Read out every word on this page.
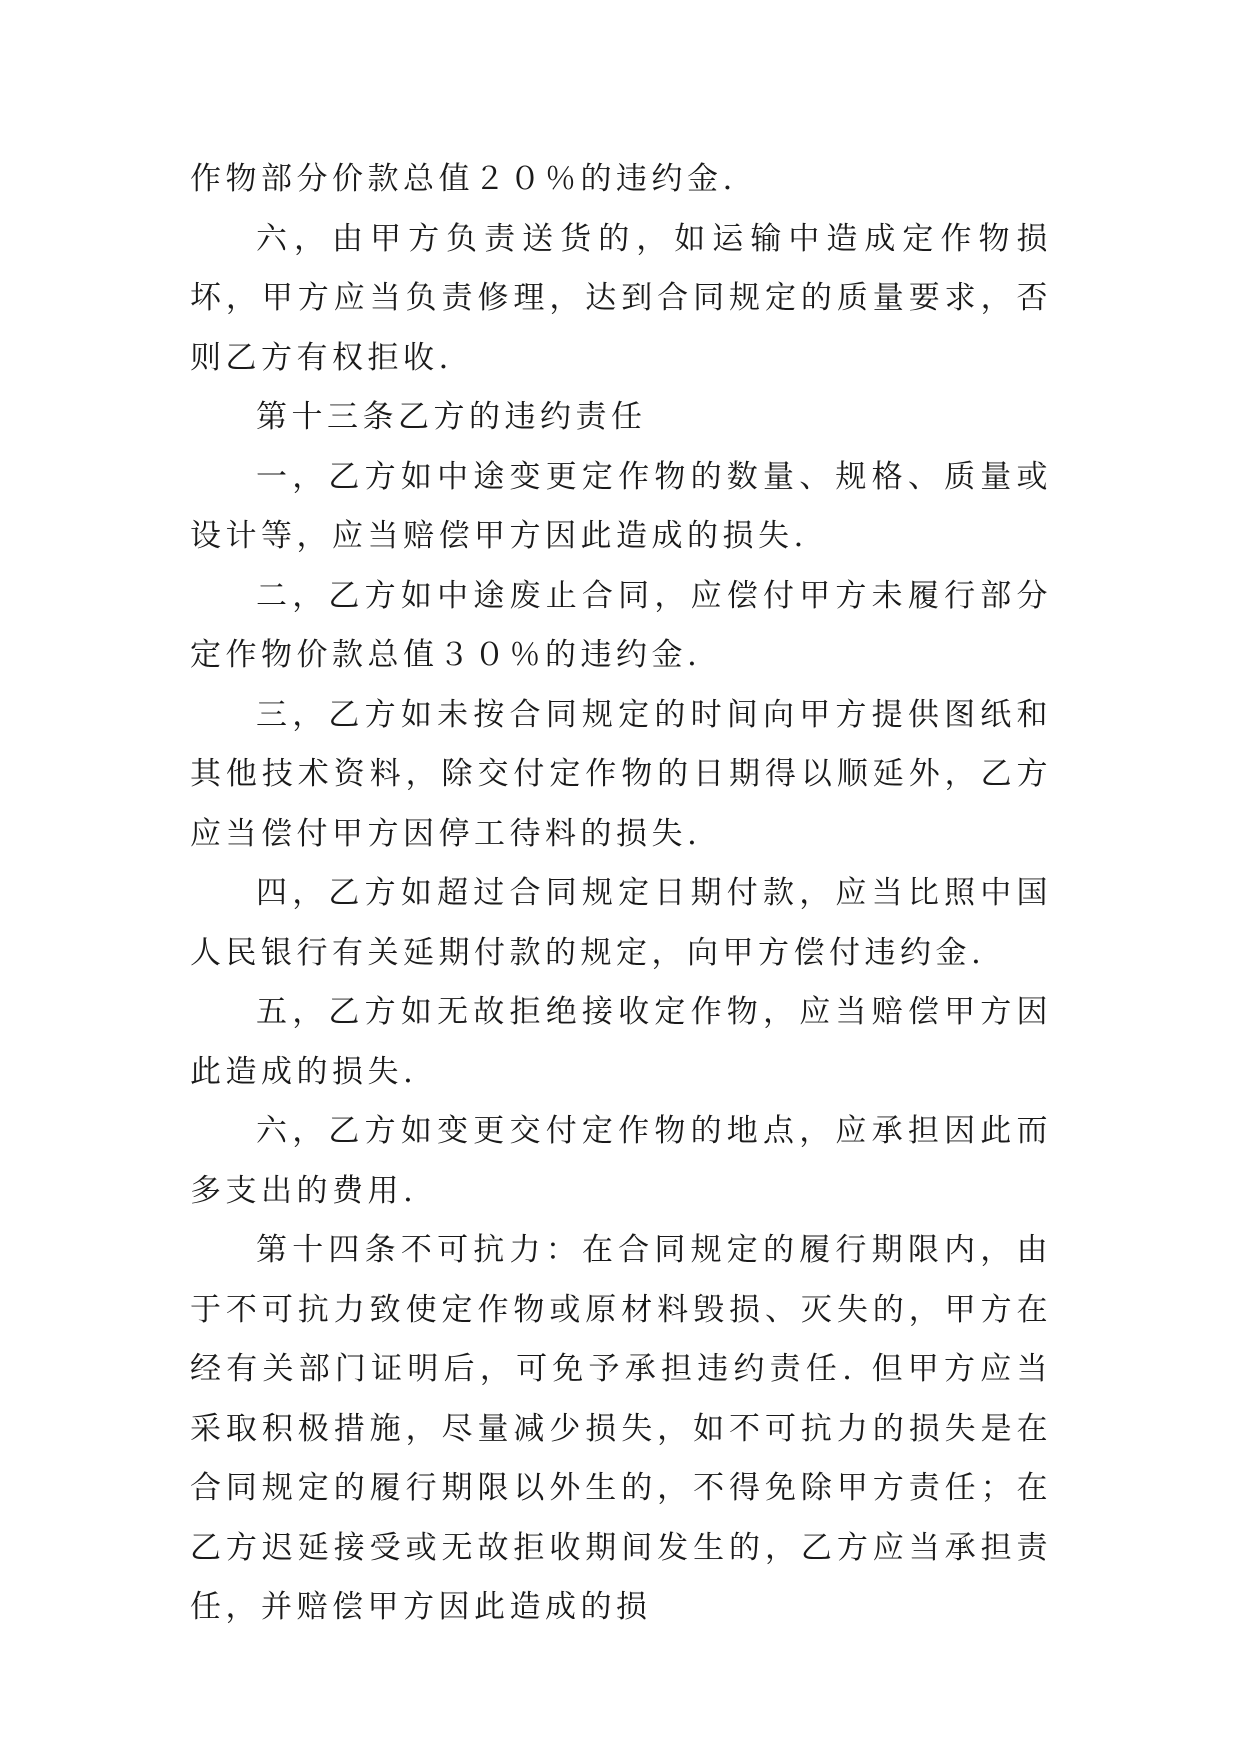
作物部分价款总值２０％的违约金.

六，由甲方负责送货的，如运输中造成定作物损坏，甲方应当负责修理，达到合同规定的质量要求，否则乙方有权拒收.

第十三条乙方的违约责任

一，乙方如中途变更定作物的数量、规格、质量或设计等，应当赔偿甲方因此造成的损失.

二，乙方如中途废止合同，应偿付甲方未履行部分定作物价款总值３０％的违约金.

三，乙方如未按合同规定的时间向甲方提供图纸和其他技术资料，除交付定作物的日期得以顺延外，乙方应当偿付甲方因停工待料的损失.

四，乙方如超过合同规定日期付款，应当比照中国人民银行有关延期付款的规定，向甲方偿付违约金.

五，乙方如无故拒绝接收定作物，应当赔偿甲方因此造成的损失.

六，乙方如变更交付定作物的地点，应承担因此而多支出的费用.

第十四条不可抗力：在合同规定的履行期限内，由于不可抗力致使定作物或原材料毁损、灭失的，甲方在经有关部门证明后，可免予承担违约责任. 但甲方应当采取积极措施，尽量减少损失，如不可抗力的损失是在合同规定的履行期限以外生的，不得免除甲方责任；在乙方迟延接受或无故拒收期间发生的，乙方应当承担责任，并赔偿甲方因此造成的损
